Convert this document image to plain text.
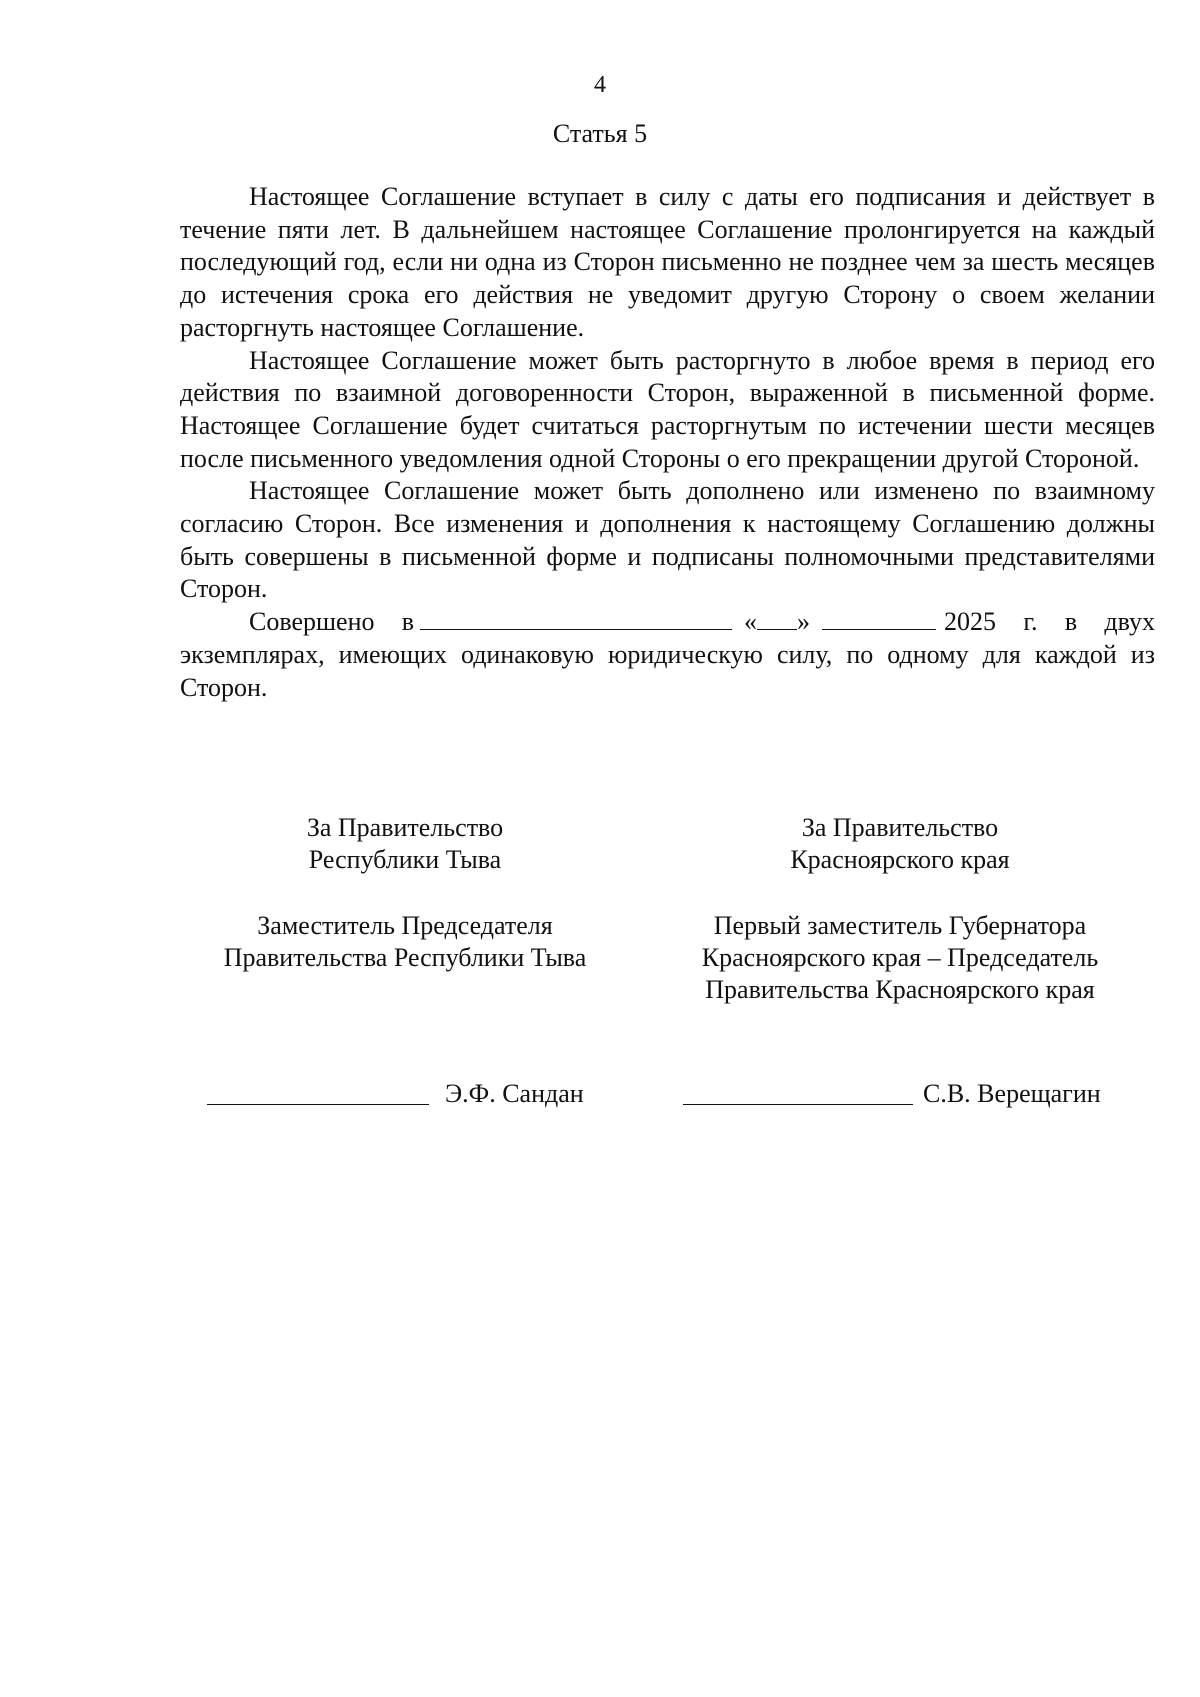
4
Статья 5

Настоящее Соглашение вступает в силу с даты его подписания и действует в течение пяти лет. В дальнейшем настоящее Соглашение пролонгируется на каждый последующий год, если ни одна из Сторон письменно не позднее чем за шесть месяцев до истечения срока его действия не уведомит другую Сторону о своем желании расторгнуть настоящее Соглашение.

Настоящее Соглашение может быть расторгнуто в любое время в период его действия по взаимной договоренности Сторон, выраженной в письменной форме. Настоящее Соглашение будет считаться расторгнутым по истечении шести месяцев после письменного уведомления одной Стороны о его прекращении другой Стороной.

Настоящее Соглашение может быть дополнено или изменено по взаимному согласию Сторон. Все изменения и дополнения к настоящему Соглашению должны быть совершены в письменной форме и подписаны полномочными представителями Сторон.

Совершено в	« »	2025 г. в двух экземплярах, имеющих одинаковую юридическую силу, по одному для каждой из Сторон.

За Правительство
Республики Тыва
За Правительство
Красноярского края
Заместитель Председателя
Правительства Республики Тыва
Первый заместитель Губернатора
Красноярского края – Председатель
Правительства Красноярского края
Э.Ф. Сандан	С.В. Верещагин
